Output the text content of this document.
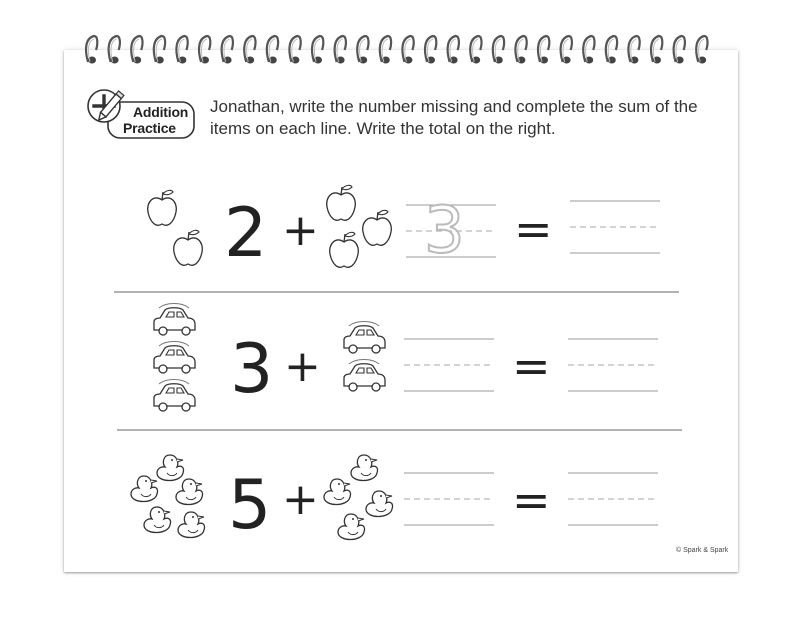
Addition
Practice
Jonathan, write the number missing and complete the sum of the items on each line. Write the total on the right.
2 + 3 =
3 +	=
5 +	=
© Spark & Spark
